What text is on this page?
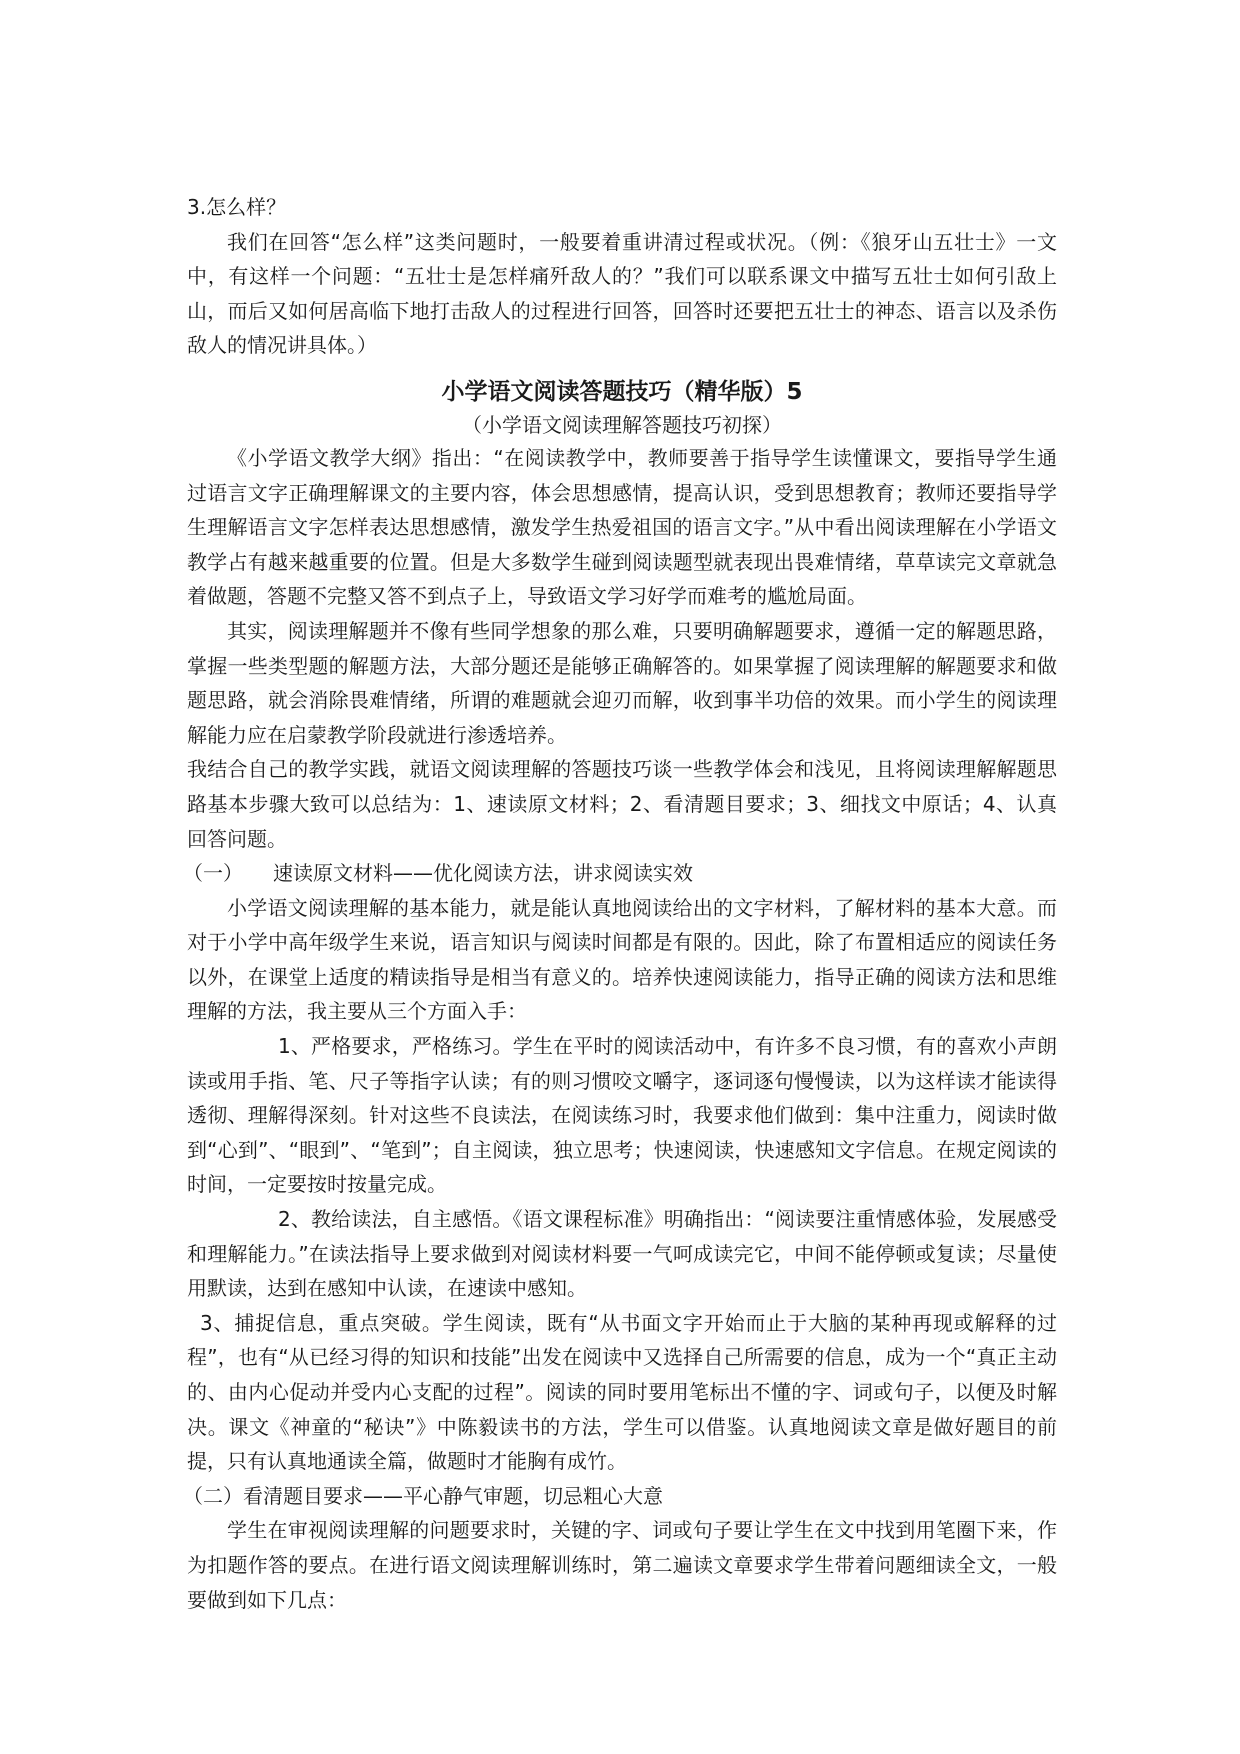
3.怎么样？

我们在回答“怎么样”这类问题时，一般要着重讲清过程或状况。（例：《狼牙山五壮士》一文中，有这样一个问题：“五壮士是怎样痛歼敌人的？”我们可以联系课文中描写五壮士如何引敌上山，而后又如何居高临下地打击敌人的过程进行回答，回答时还要把五壮士的神态、语言以及杀伤敌人的情况讲具体。）

小学语文阅读答题技巧（精华版）5
（小学语文阅读理解答题技巧初探）

《小学语文教学大纲》指出：“在阅读教学中，教师要善于指导学生读懂课文，要指导学生通过语言文字正确理解课文的主要内容，体会思想感情，提高认识，受到思想教育；教师还要指导学生理解语言文字怎样表达思想感情，激发学生热爱祖国的语言文字。”从中看出阅读理解在小学语文教学占有越来越重要的位置。但是大多数学生碰到阅读题型就表现出畏难情绪，草草读完文章就急着做题，答题不完整又答不到点子上，导致语文学习好学而难考的尴尬局面。

其实，阅读理解题并不像有些同学想象的那么难，只要明确解题要求，遵循一定的解题思路，掌握一些类型题的解题方法，大部分题还是能够正确解答的。如果掌握了阅读理解的解题要求和做题思路，就会消除畏难情绪，所谓的难题就会迎刃而解，收到事半功倍的效果。而小学生的阅读理解能力应在启蒙教学阶段就进行渗透培养。

我结合自己的教学实践，就语文阅读理解的答题技巧谈一些教学体会和浅见，且将阅读理解解题思路基本步骤大致可以总结为：1、速读原文材料；2、看清题目要求；3、细找文中原话；4、认真回答问题。

（一） 速读原文材料——优化阅读方法，讲求阅读实效

小学语文阅读理解的基本能力，就是能认真地阅读给出的文字材料，了解材料的基本大意。而对于小学中高年级学生来说，语言知识与阅读时间都是有限的。因此，除了布置相适应的阅读任务以外，在课堂上适度的精读指导是相当有意义的。培养快速阅读能力，指导正确的阅读方法和思维理解的方法，我主要从三个方面入手：

1、严格要求，严格练习。学生在平时的阅读活动中，有许多不良习惯，有的喜欢小声朗读或用手指、笔、尺子等指字认读；有的则习惯咬文嚼字，逐词逐句慢慢读，以为这样读才能读得透彻、理解得深刻。针对这些不良读法，在阅读练习时，我要求他们做到：集中注重力，阅读时做到“心到”、“眼到”、“笔到”；自主阅读，独立思考；快速阅读，快速感知文字信息。在规定阅读的时间，一定要按时按量完成。

2、教给读法，自主感悟。《语文课程标准》明确指出：“阅读要注重情感体验，发展感受和理解能力。”在读法指导上要求做到对阅读材料要一气呵成读完它，中间不能停顿或复读；尽量使用默读，达到在感知中认读，在速读中感知。

3、捕捉信息，重点突破。学生阅读，既有“从书面文字开始而止于大脑的某种再现或解释的过程”，也有“从已经习得的知识和技能”出发在阅读中又选择自己所需要的信息，成为一个“真正主动的、由内心促动并受内心支配的过程”。阅读的同时要用笔标出不懂的字、词或句子，以便及时解决。课文《神童的“秘诀”》中陈毅读书的方法，学生可以借鉴。认真地阅读文章是做好题目的前提，只有认真地通读全篇，做题时才能胸有成竹。

（二）看清题目要求——平心静气审题，切忌粗心大意

学生在审视阅读理解的问题要求时，关键的字、词或句子要让学生在文中找到用笔圈下来，作为扣题作答的要点。在进行语文阅读理解训练时，第二遍读文章要求学生带着问题细读全文，一般要做到如下几点：
